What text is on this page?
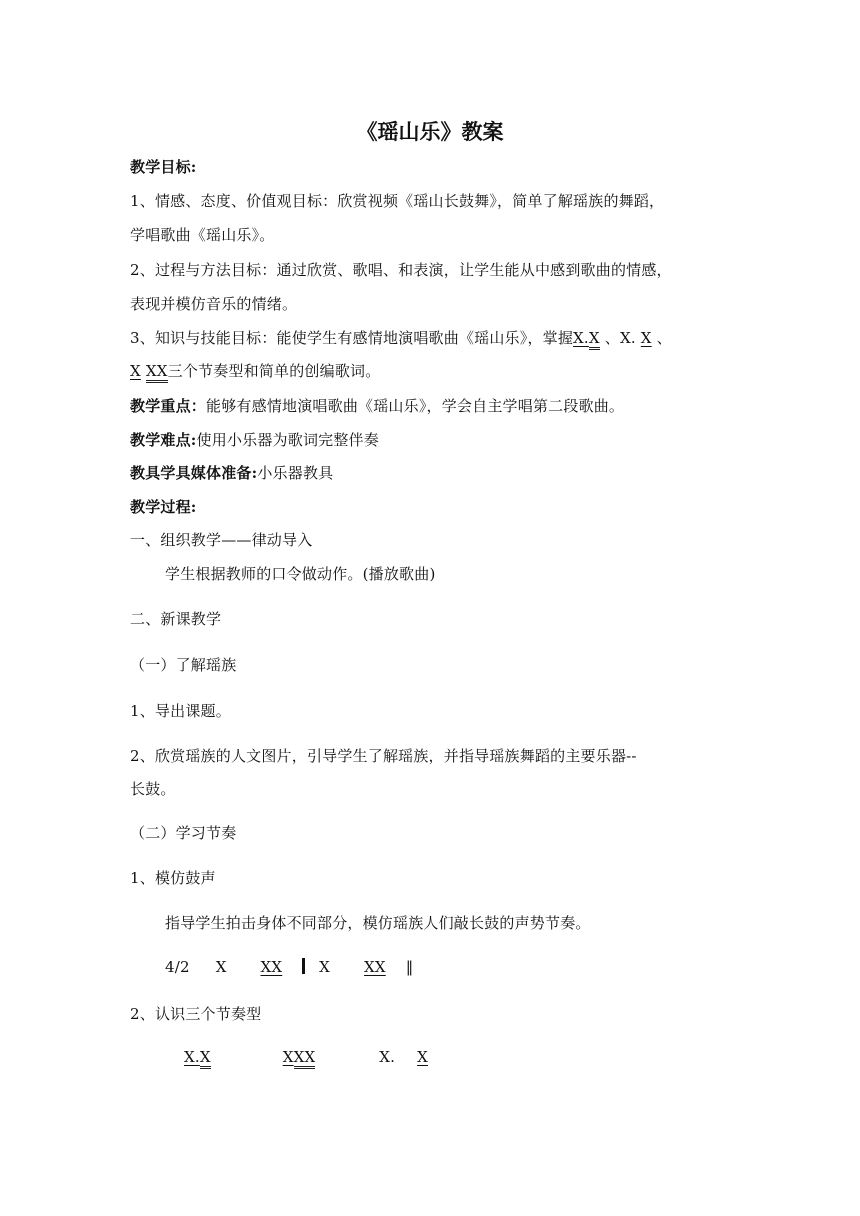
《瑶山乐》教案
教学目标:
1、情感、态度、价值观目标：欣赏视频《瑶山长鼓舞》，简单了解瑶族的舞蹈，
学唱歌曲《瑶山乐》。
2、过程与方法目标：通过欣赏、歌唱、和表演，让学生能从中感到歌曲的情感，
表现并模仿音乐的情绪。
3、知识与技能目标：能使学生有感情地演唱歌曲《瑶山乐》，掌握X.X 、X. X 、
X XX三个节奏型和简单的创编歌词。
教学重点：能够有感情地演唱歌曲《瑶山乐》，学会自主学唱第二段歌曲。
教学难点:使用小乐器为歌词完整伴奏
教具学具媒体准备:小乐器教具
教学过程:
一、组织教学——律动导入
学生根据教师的口令做动作。(播放歌曲)
二、新课教学
（一）了解瑶族
1、导出课题。
2、欣赏瑶族的人文图片，引导学生了解瑶族，并指导瑶族舞蹈的主要乐器--
长鼓。
（二）学习节奏
1、模仿鼓声
指导学生拍击身体不同部分，模仿瑶族人们敲长鼓的声势节奏。
4/2 X XX X XX ‖
2、认识三个节奏型
X.X	XXX	X. X
